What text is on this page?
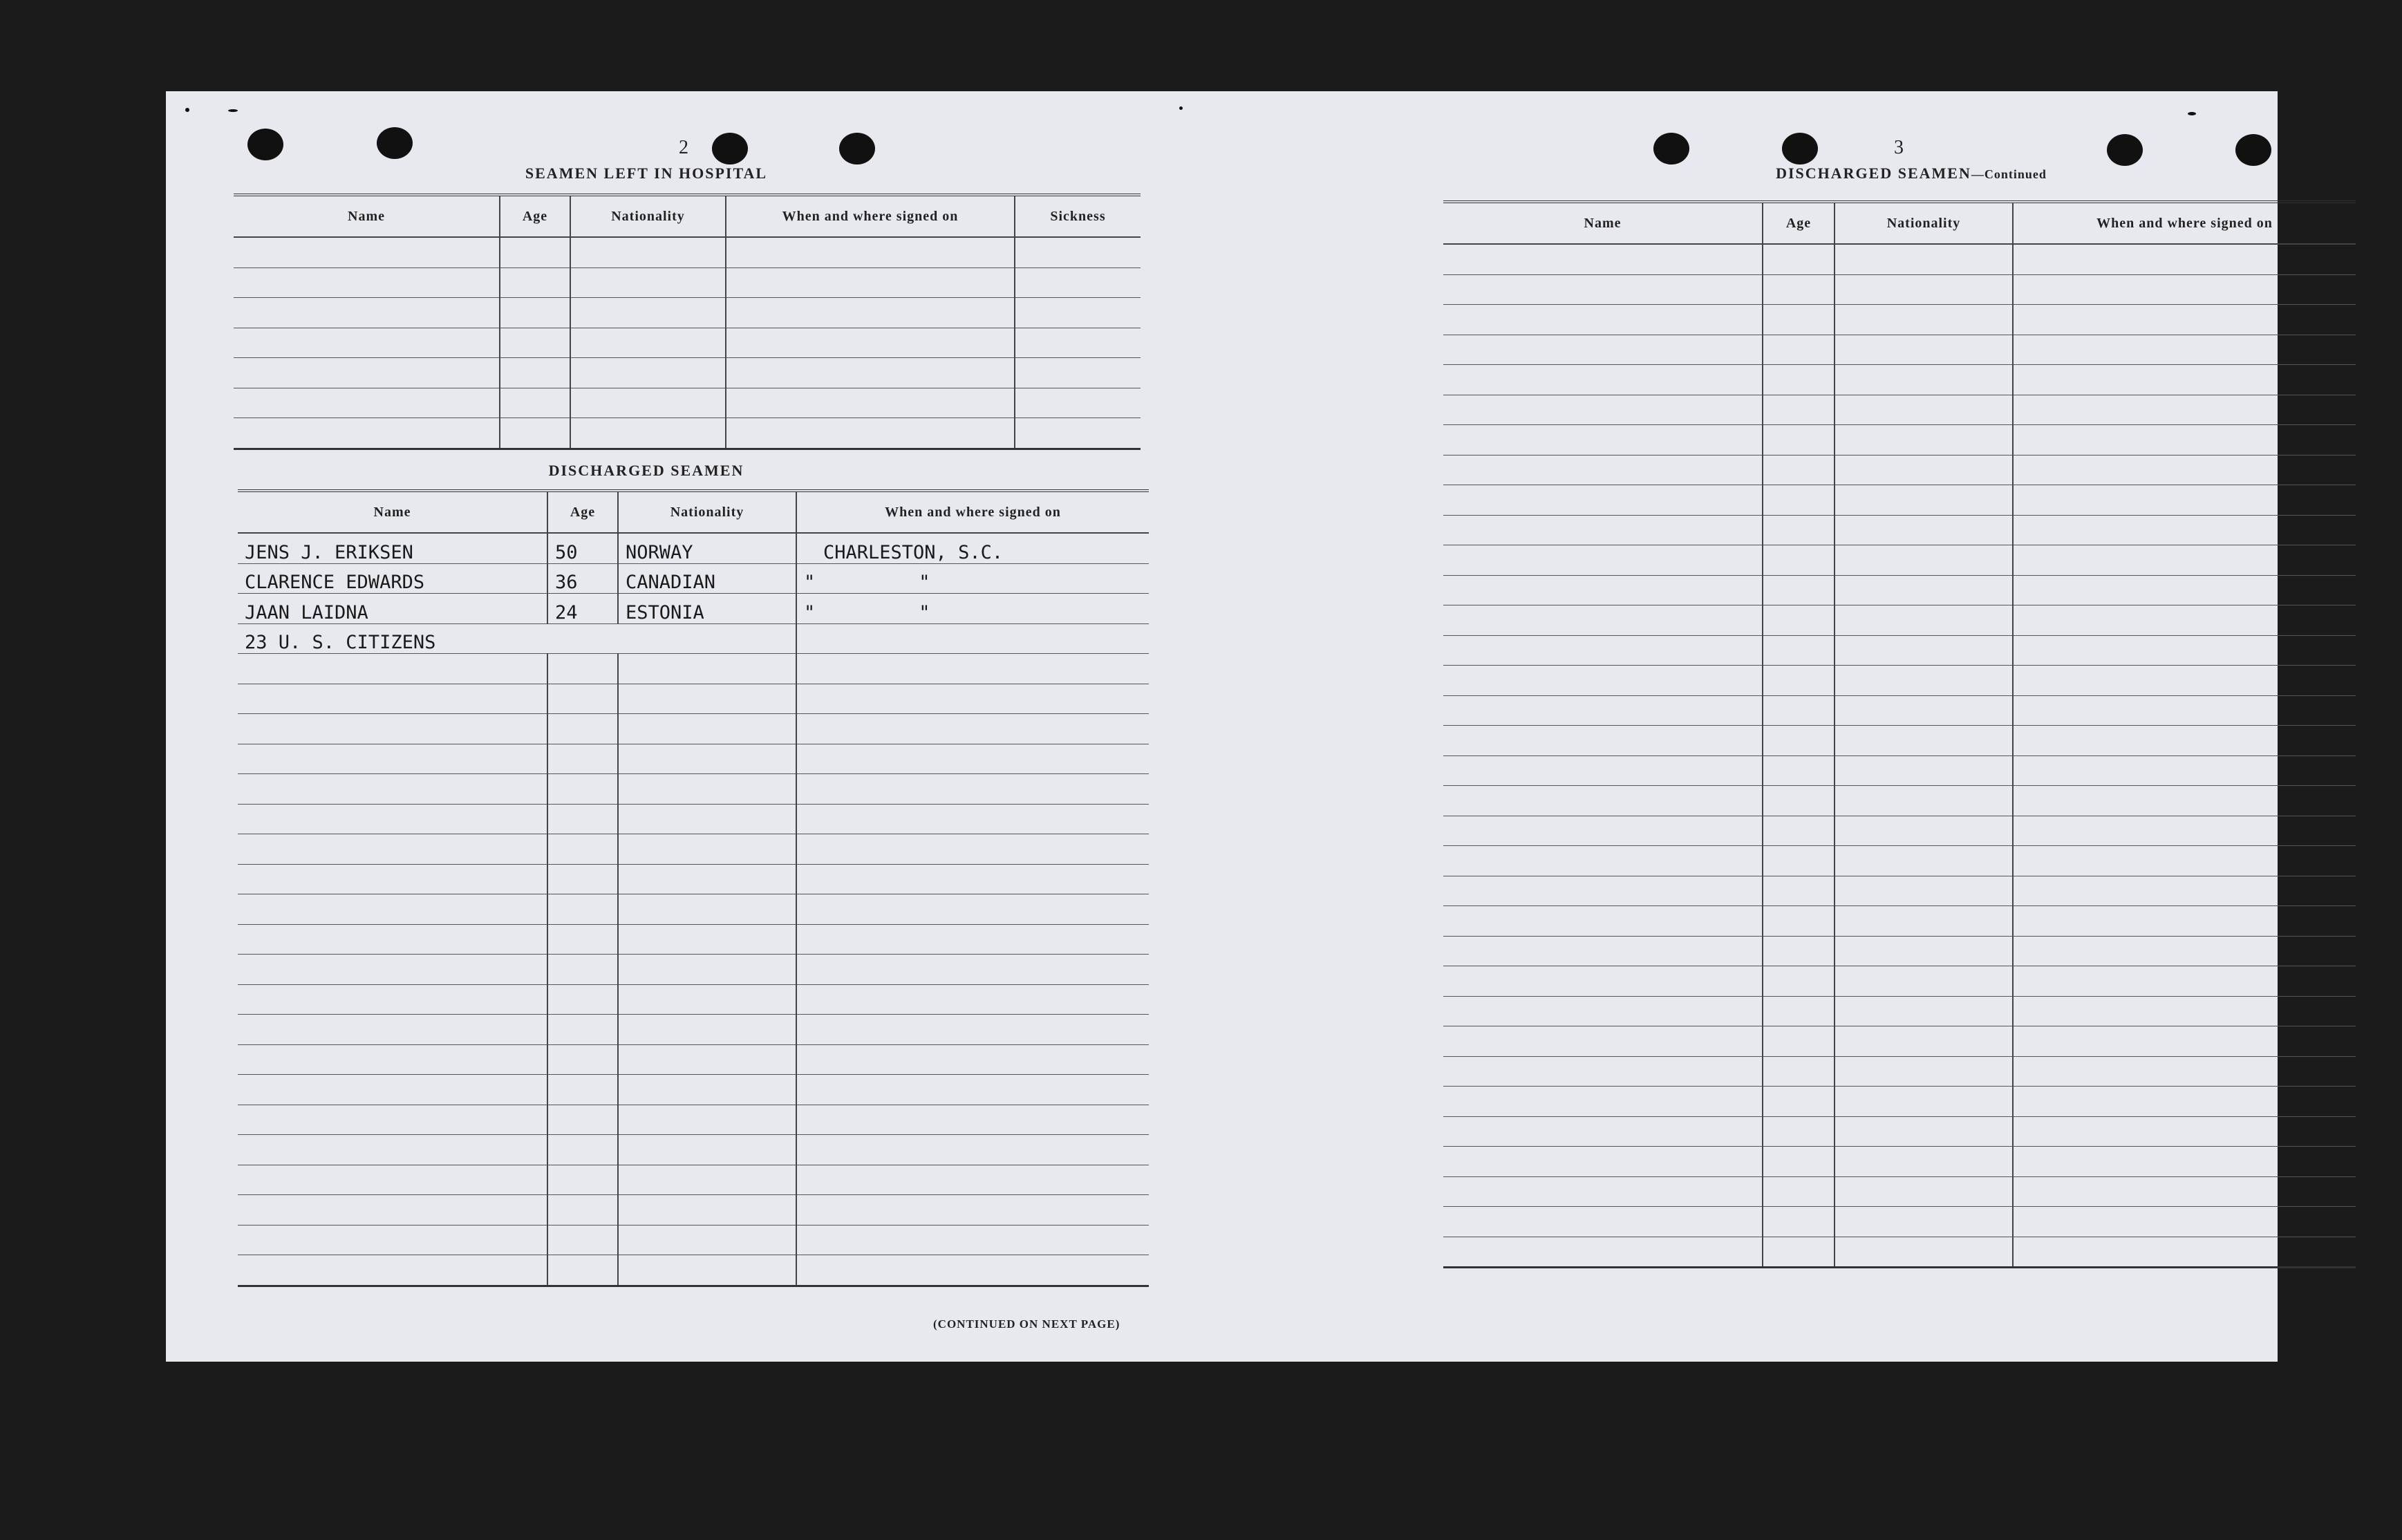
2
SEAMEN LEFT IN HOSPITAL
Name	Age	Nationality	When and where signed on	Sickness

DISCHARGED SEAMEN
Name	Age	Nationality	When and where signed on
JENS J. ERIKSEN	50	NORWAY	CHARLESTON, S.C.
CLARENCE EDWARDS	36	CANADIAN	" "
JAAN LAIDNA	24	ESTONIA	" "
23 U. S. CITIZENS			

(CONTINUED ON NEXT PAGE)
3
DISCHARGED SEAMEN—Continued
Name	Age	Nationality	When and where signed on
